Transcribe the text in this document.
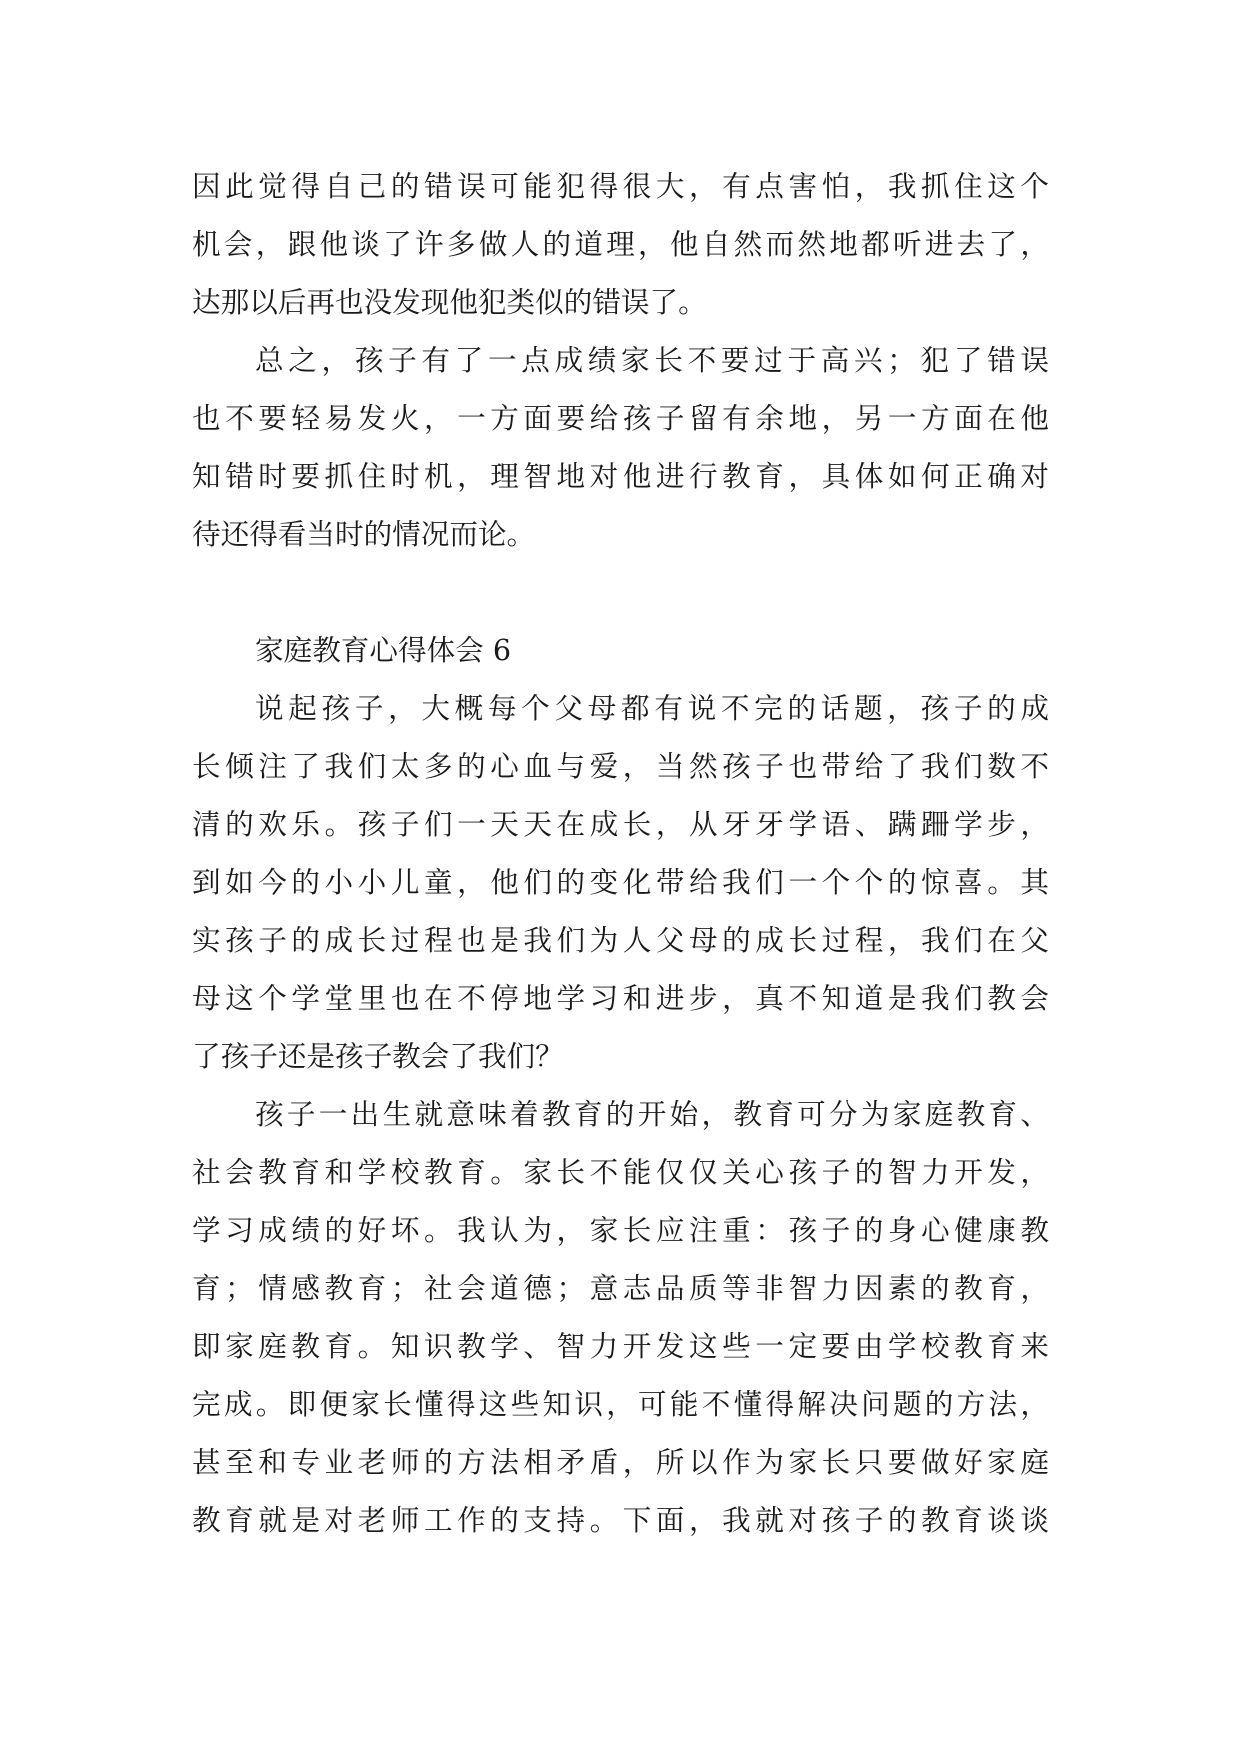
因此觉得自己的错误可能犯得很大，有点害怕，我抓住这个

机会，跟他谈了许多做人的道理，他自然而然地都听进去了，

达那以后再也没发现他犯类似的错误了。

总之，孩子有了一点成绩家长不要过于高兴；犯了错误

也不要轻易发火，一方面要给孩子留有余地，另一方面在他

知错时要抓住时机，理智地对他进行教育，具体如何正确对

待还得看当时的情况而论。

家庭教育心得体会 6

说起孩子，大概每个父母都有说不完的话题，孩子的成

长倾注了我们太多的心血与爱，当然孩子也带给了我们数不

清的欢乐。孩子们一天天在成长，从牙牙学语、蹒跚学步，

到如今的小小儿童，他们的变化带给我们一个个的惊喜。其

实孩子的成长过程也是我们为人父母的成长过程，我们在父

母这个学堂里也在不停地学习和进步，真不知道是我们教会

了孩子还是孩子教会了我们？

孩子一出生就意味着教育的开始，教育可分为家庭教育、

社会教育和学校教育。家长不能仅仅关心孩子的智力开发，

学习成绩的好坏。我认为，家长应注重：孩子的身心健康教

育；情感教育；社会道德；意志品质等非智力因素的教育，

即家庭教育。知识教学、智力开发这些一定要由学校教育来

完成。即便家长懂得这些知识，可能不懂得解决问题的方法，

甚至和专业老师的方法相矛盾，所以作为家长只要做好家庭

教育就是对老师工作的支持。下面，我就对孩子的教育谈谈
